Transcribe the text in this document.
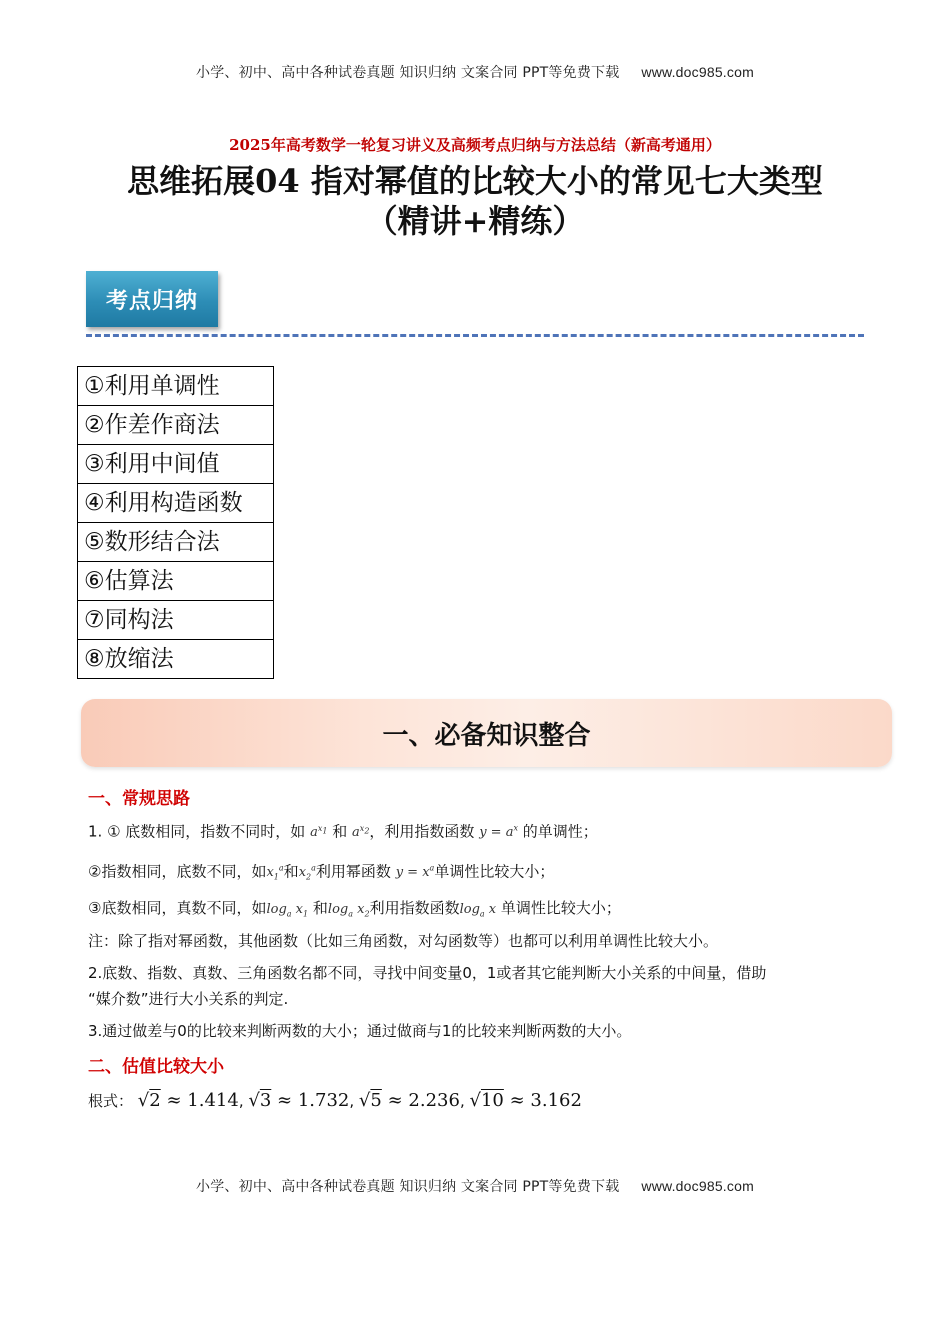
小学、初中、高中各种试卷真题 知识归纳 文案合同 PPT等免费下载 www.doc985.com
2025年高考数学一轮复习讲义及高频考点归纳与方法总结（新高考通用）
思维拓展04 指对幂值的比较大小的常见七大类型
（精讲+精练）
考点归纳
①利用单调性
②作差作商法
③利用中间值
④利用构造函数
⑤数形结合法
⑥估算法
⑦同构法
⑧放缩法
一、必备知识整合
一、常规思路
1. ① 底数相同，指数不同时，如 $a^{x_1}$ 和 $a^{x_2}$，利用指数函数 $y = a^x$ 的单调性；
②指数相同，底数不同，如$x_1^a$和$x_2^a$利用幂函数 $y = x^a$单调性比较大小；
③底数相同，真数不同，如$\log_a x_1$ 和$\log_a x_2$利用指数函数$\log_a x$ 单调性比较大小；
注：除了指对幂函数，其他函数（比如三角函数，对勾函数等）也都可以利用单调性比较大小。
2.底数、指数、真数、三角函数名都不同，寻找中间变量0，1或者其它能判断大小关系的中间量，借助
“媒介数”进行大小关系的判定.
3.通过做差与0的比较来判断两数的大小；通过做商与1的比较来判断两数的大小。
二、估值比较大小
根式： √2 ≈ 1.414, √3 ≈ 1.732, √5 ≈ 2.236, √10 ≈ 3.162
小学、初中、高中各种试卷真题 知识归纳 文案合同 PPT等免费下载 www.doc985.com
